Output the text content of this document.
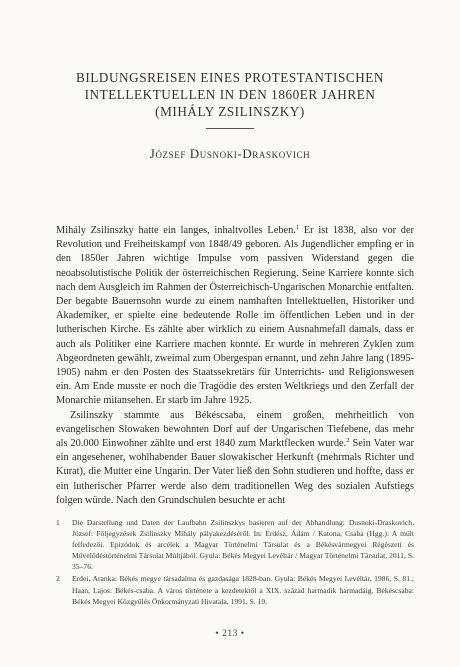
BILDUNGSREISEN EINES PROTESTANTISCHEN
INTELLEKTUELLEN IN DEN 1860ER JAHREN
(MIHÁLY ZSILINSZKY)
József Dusnoki-Draskovich

Mihály Zsilinszky hatte ein langes, inhaltvolles Leben.$^1$ Er ist 1838, also vor der Revolution und Freiheitskampf von 1848/49 geboren. Als Jugendlicher empfing er in den 1850er Jahren wichtige Impulse vom passiven Widerstand gegen die neoabsolutistische Politik der österreichischen Regierung. Seine Karriere konnte sich nach dem Ausgleich im Rahmen der Österreichisch-Ungarischen Monarchie entfalten. Der begabte Bauernsohn wurde zu einem namhaften Intellektuellen, Historiker und Akademiker, er spielte eine bedeutende Rolle im öffentlichen Leben und in der lutherischen Kirche. Es zählte aber wirklich zu einem Ausnahmefall damals, dass er auch als Politiker eine Karriere machen konnte. Er wurde in mehreren Zyklen zum Abgeordneten gewählt, zweimal zum Obergespan ernannt, und zehn Jahre lang (1895-1905) nahm er den Posten des Staatssekretärs für Unterrichts- und Religionswesen ein. Am Ende musste er noch die Tragödie des ersten Weltkriegs und den Zerfall der Monarchie mitansehen. Er starb im Jahre 1925.

Zsilinszky stammte aus Békéscsaba, einem großen, mehrheitlich von evangelischen Slowaken bewohnten Dorf auf der Ungarischen Tiefebene, das mehr als 20.000 Einwohner zählte und erst 1840 zum Marktflecken wurde.$^2$ Sein Vater war ein angesehener, wohlhabender Bauer slowakischer Herkunft (mehrmals Richter und Kurat), die Mutter eine Ungarin. Der Vater ließ den Sohn studieren und hoffte, dass er ein lutherischer Pfarrer werde also dem traditionellen Weg des sozialen Aufstiegs folgen würde. Nach den Grundschulen besuchte er acht

1 Die Darstellung und Daten der Laufbahn Zsilinszkys basieren auf der Abhandlung: Dusnoki-Draskovich, József: Főljegyzések Zsilinszky Mihály pályakezdéséről. In: Erdész, Ádám / Katona, Csaba (Hgg.): A múlt felfedezői. Epizódok és arcélek a Magyar Történelmi Társulat és a Békésvármegyei Régészeti és Művelődéstörténelmi Társulat Múltjából. Gyula: Békés Megyei Levéltár / Magyar Történelmi Társulat, 2011, S. 35–76.
2 Erdei, Aranka: Békés megye társadalma és gazdasága 1828-ban. Gyula: Békés Megyei Levéltár, 1986, S. 81.; Haan, Lajos: Békés-csaba. A város története a kezdetektől a XIX. század harmadik harmadáig. Békéscsaba: Békés Megyei Közgyűlés Önkormányzati Hivatala, 1991, S. 19.
• 213 •
